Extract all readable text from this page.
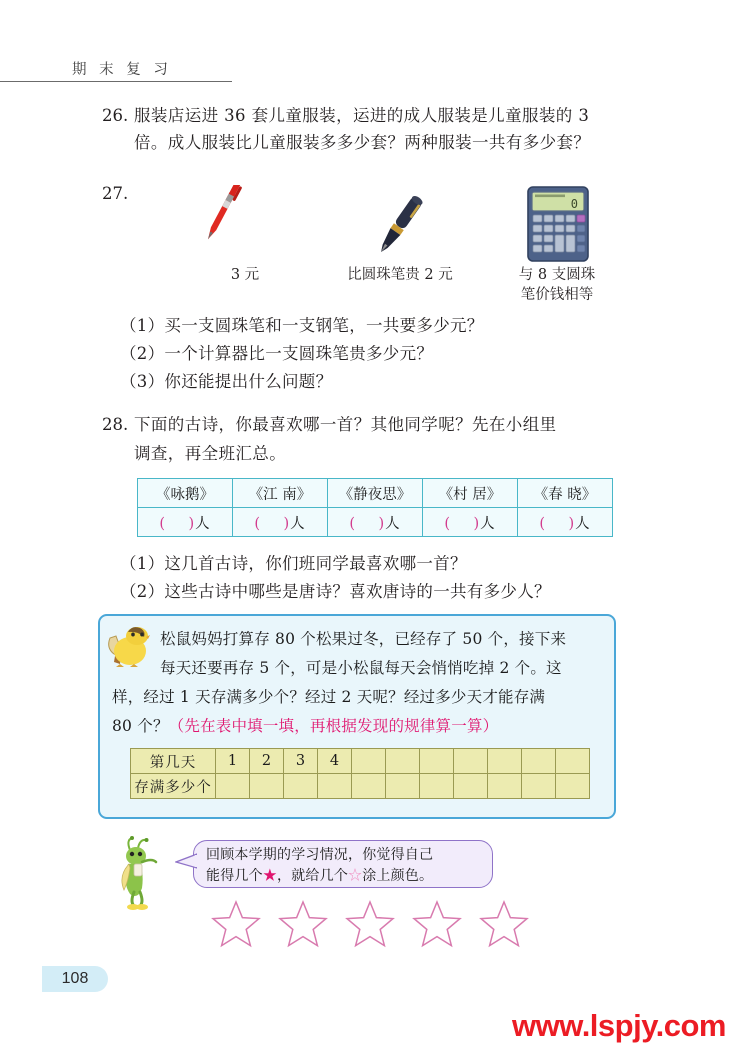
期 末 复 习
26. 服装店运进 36 套儿童服装，运进的成人服装是儿童服装的 3
倍。成人服装比儿童服装多多少套？两种服装一共有多少套？
27.
3 元	比圆珠笔贵 2 元
0
与 8 支圆珠
笔价钱相等
（1）买一支圆珠笔和一支钢笔，一共要多少元？
（2）一个计算器比一支圆珠笔贵多少元？
（3）你还能提出什么问题？
28. 下面的古诗，你最喜欢哪一首？其他同学呢？先在小组里
调查，再全班汇总。
《咏鹅》	《江 南》	《静夜思》	《村 居》	《春 晓》
( )人	( )人	( )人	( )人	( )人
（1）这几首古诗，你们班同学最喜欢哪一首？
（2）这些古诗中哪些是唐诗？喜欢唐诗的一共有多少人？
松鼠妈妈打算存 80 个松果过冬，已经存了 50 个，接下来
每天还要再存 5 个，可是小松鼠每天会悄悄吃掉 2 个。这
样，经过 1 天存满多少个？经过 2 天呢？经过多少天才能存满
80 个？（先在表中填一填，再根据发现的规律算一算）
第几天	1	2	3	4							
存满多少个											
回顾本学期的学习情况，你觉得自己
能得几个★，就给几个☆涂上颜色。
108
www.lspjy.com
